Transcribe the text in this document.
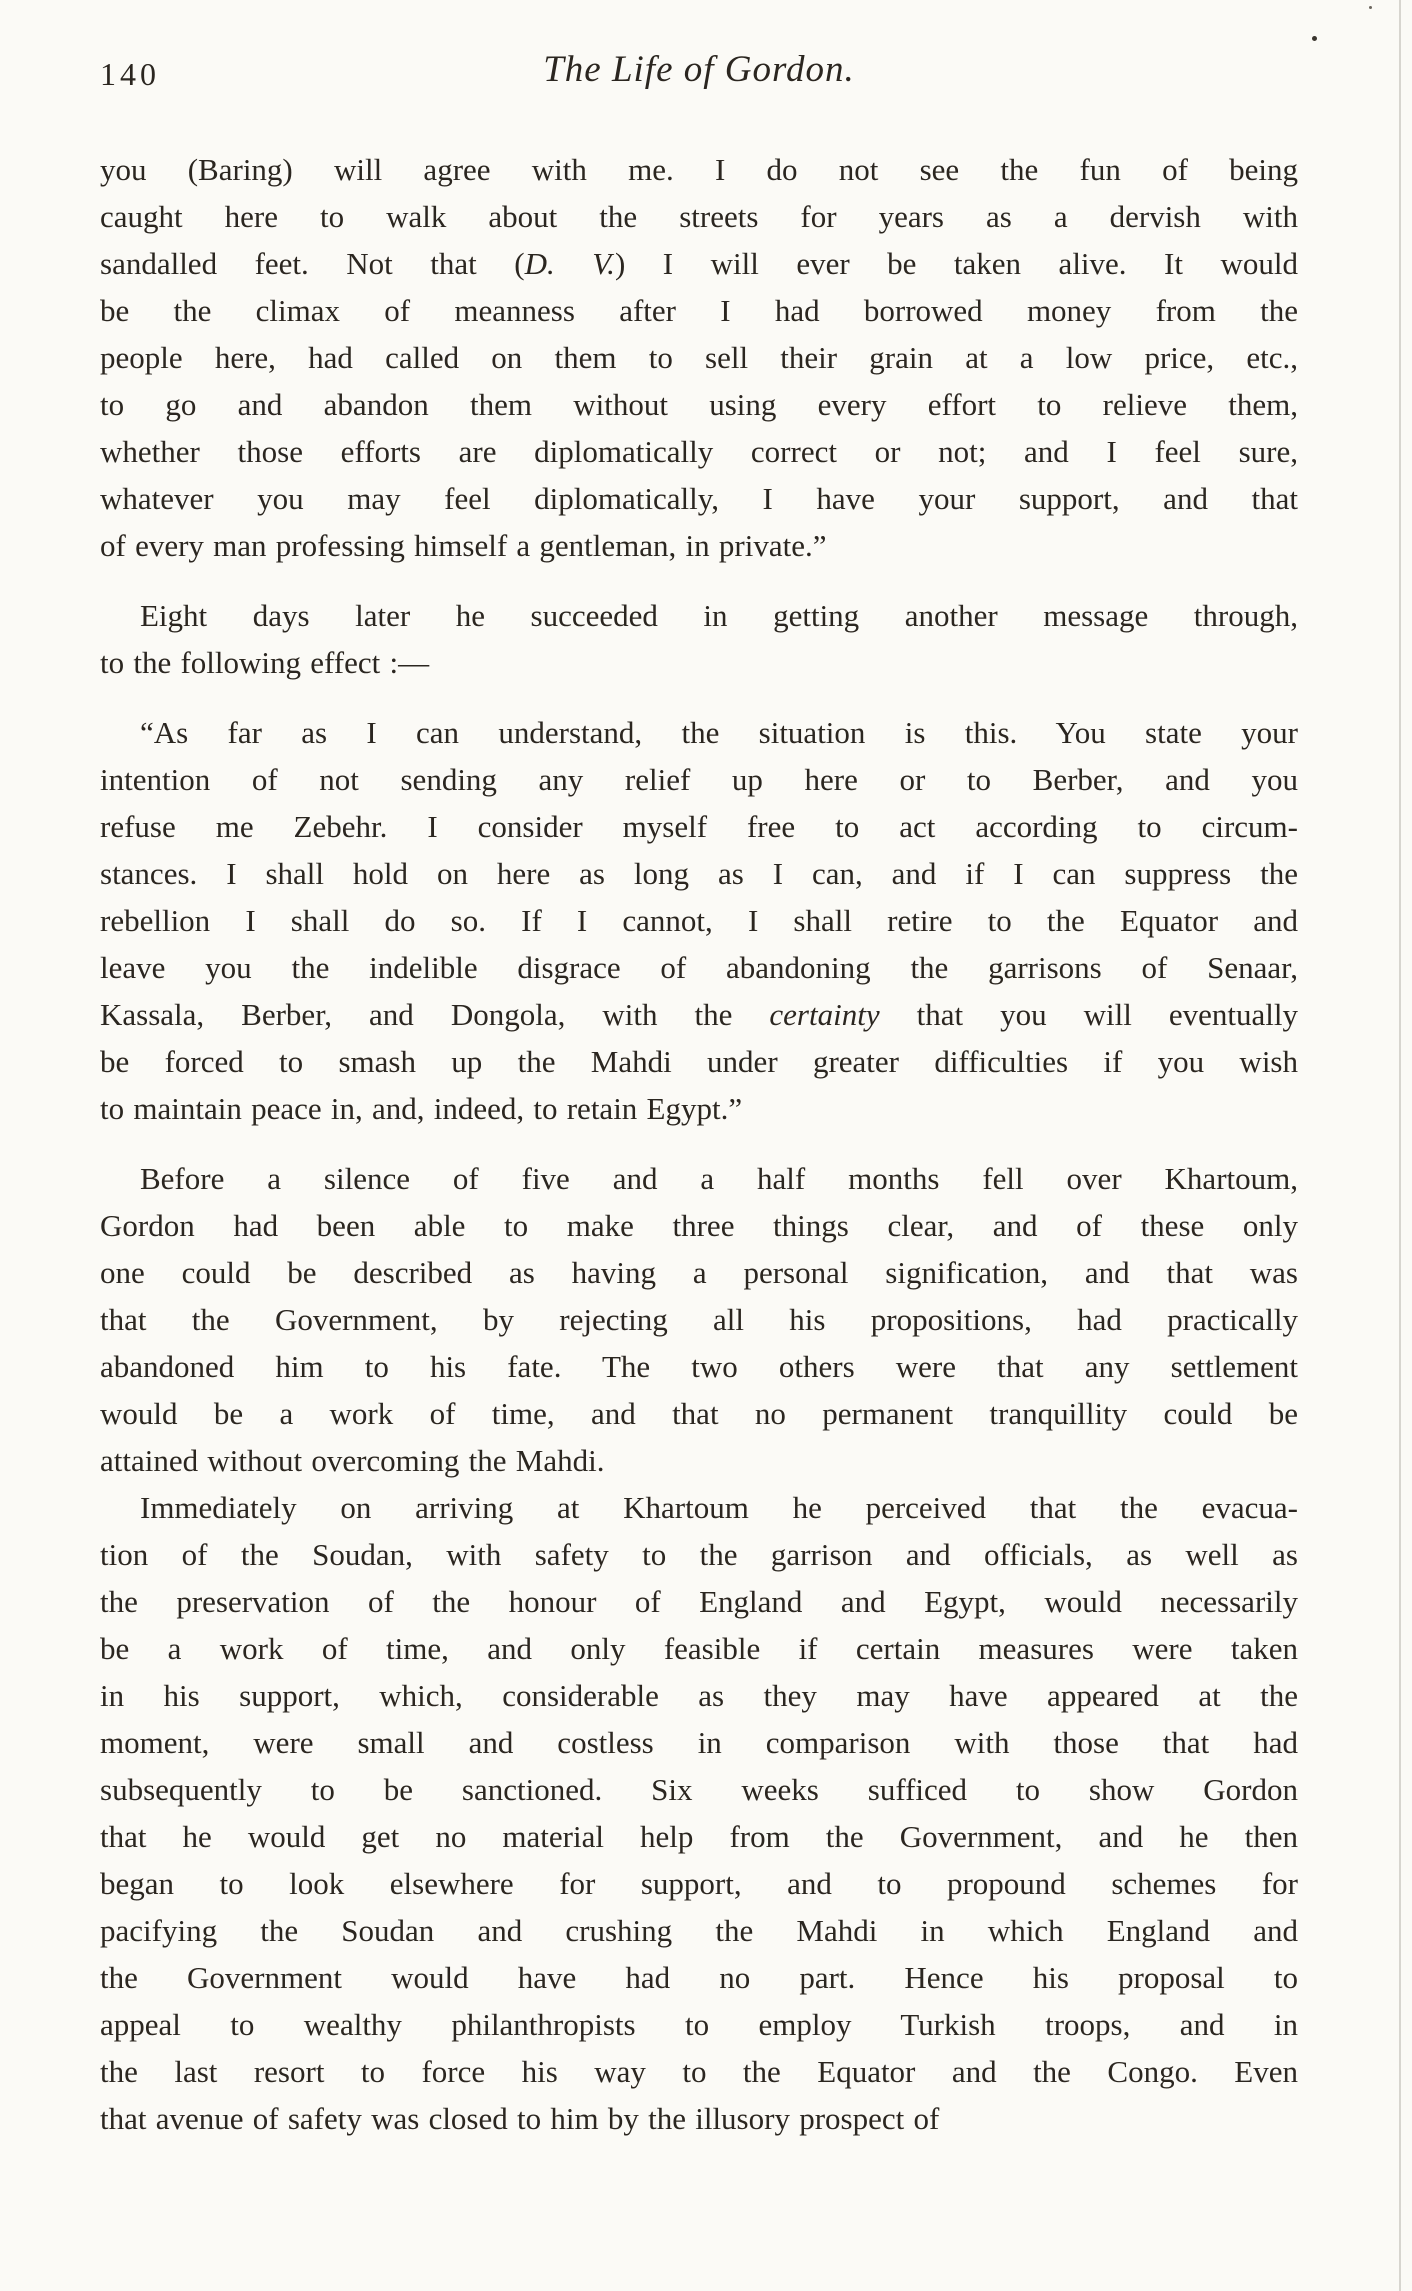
140	The Life of Gordon.
you (Baring) will agree with me. I do not see the fun of being
caught here to walk about the streets for years as a dervish with
sandalled feet. Not that (D. V.) I will ever be taken alive. It would
be the climax of meanness after I had borrowed money from the
people here, had called on them to sell their grain at a low price, etc.,
to go and abandon them without using every effort to relieve them,
whether those efforts are diplomatically correct or not; and I feel sure,
whatever you may feel diplomatically, I have your support, and that
of every man professing himself a gentleman, in private.”
Eight days later he succeeded in getting another message through,
to the following effect :—
“As far as I can understand, the situation is this. You state your
intention of not sending any relief up here or to Berber, and you
refuse me Zebehr. I consider myself free to act according to circum-
stances. I shall hold on here as long as I can, and if I can suppress the
rebellion I shall do so. If I cannot, I shall retire to the Equator and
leave you the indelible disgrace of abandoning the garrisons of Senaar,
Kassala, Berber, and Dongola, with the certainty that you will eventually
be forced to smash up the Mahdi under greater difficulties if you wish
to maintain peace in, and, indeed, to retain Egypt.”
Before a silence of five and a half months fell over Khartoum,
Gordon had been able to make three things clear, and of these only
one could be described as having a personal signification, and that was
that the Government, by rejecting all his propositions, had practically
abandoned him to his fate. The two others were that any settlement
would be a work of time, and that no permanent tranquillity could be
attained without overcoming the Mahdi.
Immediately on arriving at Khartoum he perceived that the evacua-
tion of the Soudan, with safety to the garrison and officials, as well as
the preservation of the honour of England and Egypt, would necessarily
be a work of time, and only feasible if certain measures were taken
in his support, which, considerable as they may have appeared at the
moment, were small and costless in comparison with those that had
subsequently to be sanctioned. Six weeks sufficed to show Gordon
that he would get no material help from the Government, and he then
began to look elsewhere for support, and to propound schemes for
pacifying the Soudan and crushing the Mahdi in which England and
the Government would have had no part. Hence his proposal to
appeal to wealthy philanthropists to employ Turkish troops, and in
the last resort to force his way to the Equator and the Congo. Even
that avenue of safety was closed to him by the illusory prospect of
